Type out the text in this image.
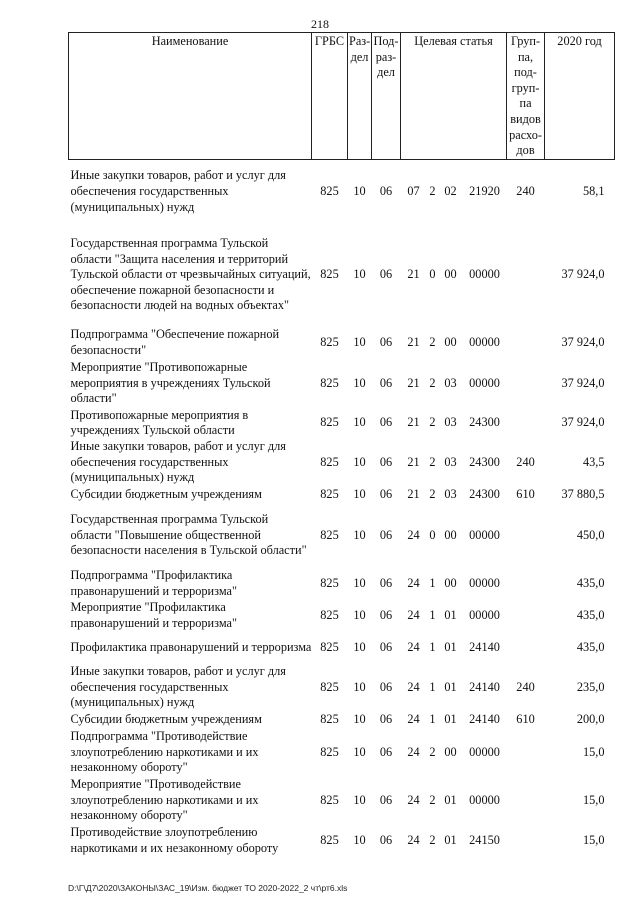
218
Наименование	ГРБС	Раз-дел	Под-раз-дел	Целевая статья				Груп-па, под-груп-па видов расхо-дов	2020 год
Иные закупки товаров, работ и услуг для обеспечения государственных (муниципальных) нужд	825	10	06	07	2	02	21920	240	58,1
Государственная программа Тульской области "Защита населения и территорий Тульской области от чрезвычайных ситуаций, обеспечение пожарной безопасности и безопасности людей на водных объектах"	825	10	06	21	0	00	00000		37 924,0
Подпрограмма "Обеспечение пожарной безопасности"	825	10	06	21	2	00	00000		37 924,0
Мероприятие "Противопожарные мероприятия в учреждениях Тульской области"	825	10	06	21	2	03	00000		37 924,0
Противопожарные мероприятия в учреждениях Тульской области	825	10	06	21	2	03	24300		37 924,0
Иные закупки товаров, работ и услуг для обеспечения государственных (муниципальных) нужд	825	10	06	21	2	03	24300	240	43,5
Субсидии бюджетным учреждениям	825	10	06	21	2	03	24300	610	37 880,5
Государственная программа Тульской области "Повышение общественной безопасности населения в Тульской области"	825	10	06	24	0	00	00000		450,0
Подпрограмма "Профилактика правонарушений и терроризма"	825	10	06	24	1	00	00000		435,0
Мероприятие "Профилактика правонарушений и терроризма"	825	10	06	24	1	01	00000		435,0
Профилактика правонарушений и терроризма	825	10	06	24	1	01	24140		435,0
Иные закупки товаров, работ и услуг для обеспечения государственных (муниципальных) нужд	825	10	06	24	1	01	24140	240	235,0
Субсидии бюджетным учреждениям	825	10	06	24	1	01	24140	610	200,0
Подпрограмма "Противодействие злоупотреблению наркотиками и их незаконному обороту"	825	10	06	24	2	00	00000		15,0
Мероприятие "Противодействие злоупотреблению наркотиками и их незаконному обороту"	825	10	06	24	2	01	00000		15,0
Противодействие злоупотреблению наркотиками и их незаконному обороту	825	10	06	24	2	01	24150		15,0
D:\Г\Д7\2020\ЗАКОНЫ\ЗАС_19\Изм. бюджет ТО 2020-2022_2 чт\рт6.xls
